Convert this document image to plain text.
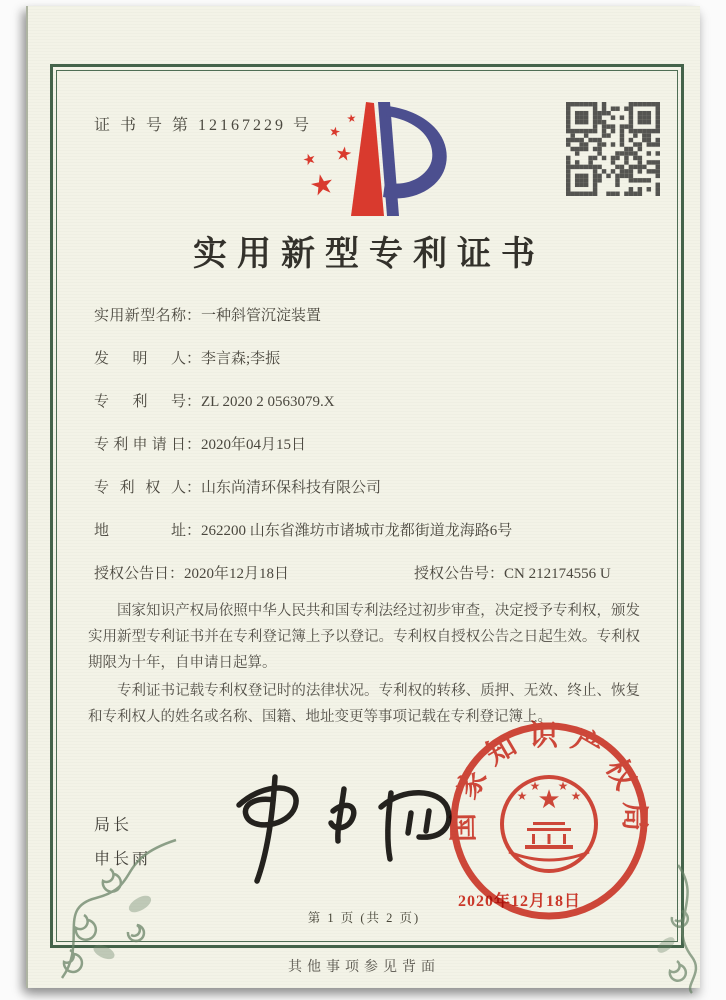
证 书 号 第 12167229 号
★
★
★
★
★
实用新型专利证书
实用新型名称：一种斜管沉淀装置
发明人：李言森;李振
专利号：ZL 2020 2 0563079.X
专利申请日：2020年04月15日
专利权人：山东尚清环保科技有限公司
地址：262200 山东省潍坊市诸城市龙都街道龙海路6号
授权公告日：2020年12月18日	授权公告号：CN 212174556 U

国家知识产权局依照中华人民共和国专利法经过初步审查，决定授予专利权，颁发实用新型专利证书并在专利登记簿上予以登记。专利权自授权公告之日起生效。专利权期限为十年，自申请日起算。

专利证书记载专利权登记时的法律状况。专利权的转移、质押、无效、终止、恢复和专利权人的姓名或名称、国籍、地址变更等事项记载在专利登记簿上。

局长
申长雨
国家知识产权局
★
★
★ ★
★
2020年12月18日
第 1 页 (共 2 页)
其他事项参见背面
